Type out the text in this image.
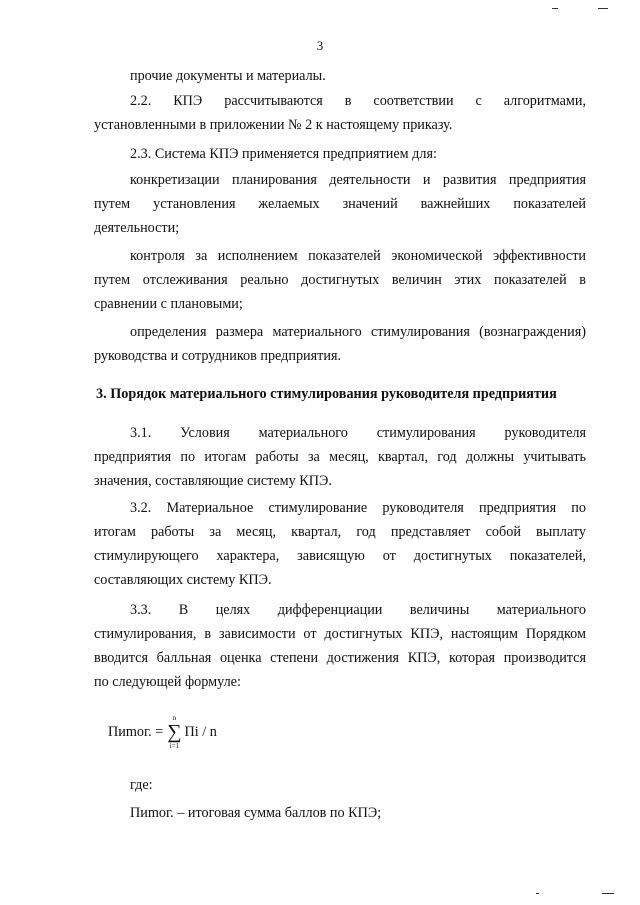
3
прочие документы и материалы.
2.2. КПЭ рассчитываются в соответствии с алгоритмами,
установленными в приложении № 2 к настоящему приказу.
2.3. Система КПЭ применяется предприятием для:
конкретизации планирования деятельности и развития предприятия
путем установления желаемых значений важнейших показателей
деятельности;
контроля за исполнением показателей экономической эффективности
путем отслеживания реально достигнутых величин этих показателей в
сравнении с плановыми;
определения размера материального стимулирования (вознаграждения)
руководства и сотрудников предприятия.
3. Порядок материального стимулирования руководителя предприятия
3.1. Условия материального стимулирования руководителя
предприятия по итогам работы за месяц, квартал, год должны учитывать
значения, составляющие систему КПЭ.
3.2. Материальное стимулирование руководителя предприятия по
итогам работы за месяц, квартал, год представляет собой выплату
стимулирующего характера, зависящую от достигнутых показателей,
составляющих систему КПЭ.
3.3. В целях дифференциации величины материального
стимулирования, в зависимости от достигнутых КПЭ, настоящим Порядком
вводится балльная оценка степени достижения КПЭ, которая производится
по следующей формуле:
Пиmог. =
n
∑
i=1
Пi / n
где:
Пиmог. – итоговая сумма баллов по КПЭ;
